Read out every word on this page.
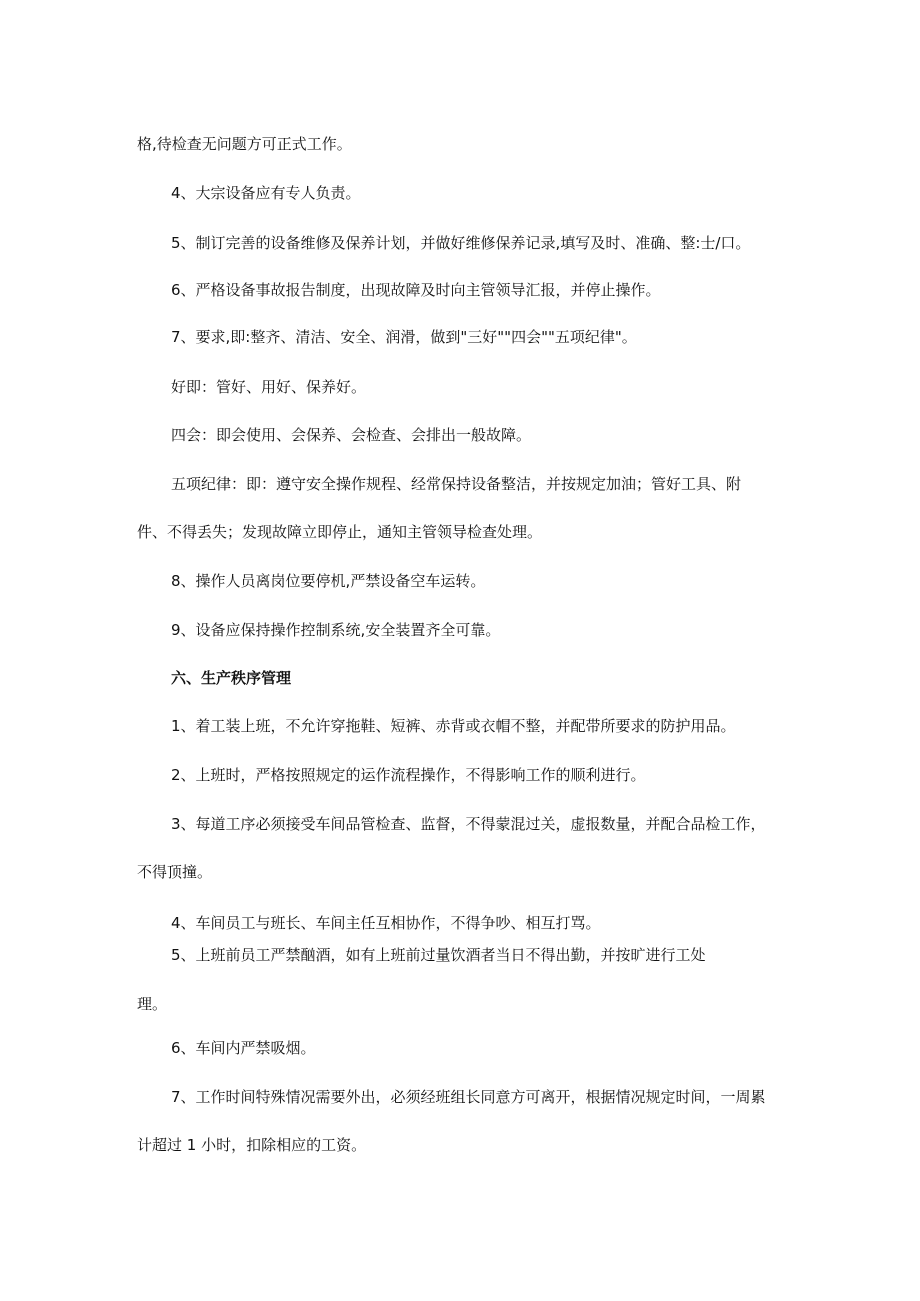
格,待检查无问题方可正式工作。
4、大宗设备应有专人负责。
5、制订完善的设备维修及保养计划，并做好维修保养记录,填写及时、准确、整:士/口。
6、严格设备事故报告制度，出现故障及时向主管领导汇报，并停止操作。
7、要求,即:整齐、清洁、安全、润滑，做到"三好""四会""五项纪律"。
好即：管好、用好、保养好。
四会：即会使用、会保养、会检查、会排出一般故障。
五项纪律：即：遵守安全操作规程、经常保持设备整洁，并按规定加油；管好工具、附
件、不得丢失；发现故障立即停止，通知主管领导检查处理。
8、操作人员离岗位要停机,严禁设备空车运转。
9、设备应保持操作控制系统,安全装置齐全可靠。
六、生产秩序管理
1、着工装上班，不允许穿拖鞋、短裤、赤背或衣帽不整，并配带所要求的防护用品。
2、上班时，严格按照规定的运作流程操作，不得影响工作的顺利进行。
3、每道工序必须接受车间品管检查、监督，不得蒙混过关，虚报数量，并配合品检工作，
不得顶撞。
4、车间员工与班长、车间主任互相协作，不得争吵、相互打骂。
5、上班前员工严禁酗酒，如有上班前过量饮酒者当日不得出勤，并按旷进行工处
理。
6、车间内严禁吸烟。
7、工作时间特殊情况需要外出，必须经班组长同意方可离开，根据情况规定时间，一周累
计超过 1 小时，扣除相应的工资。
